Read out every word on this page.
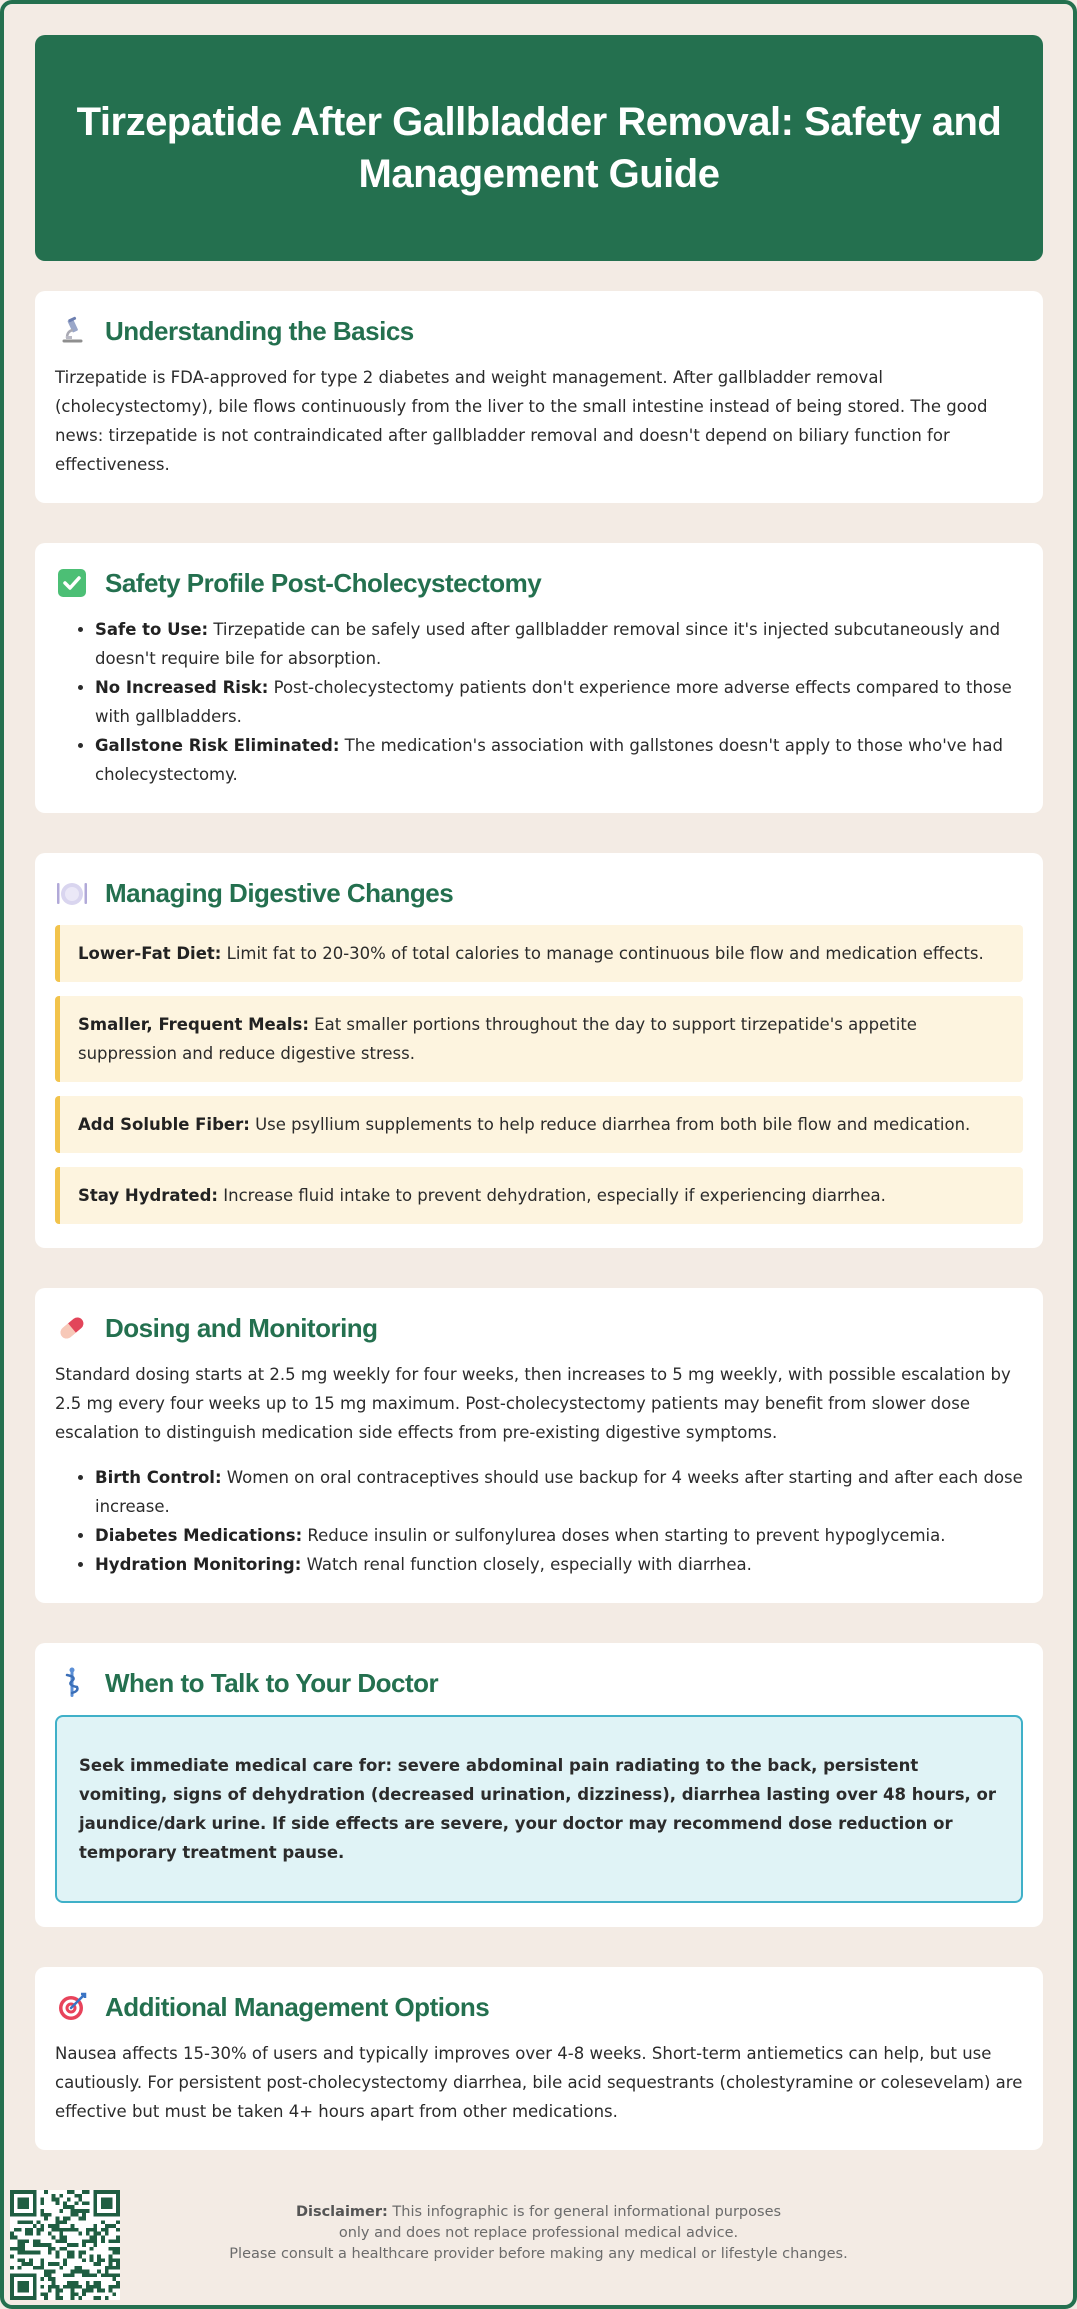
Tirzepatide After Gallbladder Removal: Safety and Management Guide
Understanding the Basics

Tirzepatide is FDA-approved for type 2 diabetes and weight management. After gallbladder removal (cholecystectomy), bile flows continuously from the liver to the small intestine instead of being stored. The good news: tirzepatide is not contraindicated after gallbladder removal and doesn't depend on biliary function for effectiveness.

Safety Profile Post-Cholecystectomy
• Safe to Use: Tirzepatide can be safely used after gallbladder removal since it's injected subcutaneously and doesn't require bile for absorption.
• No Increased Risk: Post-cholecystectomy patients don't experience more adverse effects compared to those with gallbladders.
• Gallstone Risk Eliminated: The medication's association with gallstones doesn't apply to those who've had cholecystectomy.
Managing Digestive Changes
Lower-Fat Diet: Limit fat to 20-30% of total calories to manage continuous bile flow and medication effects.
Smaller, Frequent Meals: Eat smaller portions throughout the day to support tirzepatide's appetite suppression and reduce digestive stress.
Add Soluble Fiber: Use psyllium supplements to help reduce diarrhea from both bile flow and medication.
Stay Hydrated: Increase fluid intake to prevent dehydration, especially if experiencing diarrhea.
Dosing and Monitoring

Standard dosing starts at 2.5 mg weekly for four weeks, then increases to 5 mg weekly, with possible escalation by 2.5 mg every four weeks up to 15 mg maximum. Post-cholecystectomy patients may benefit from slower dose escalation to distinguish medication side effects from pre-existing digestive symptoms.

• Birth Control: Women on oral contraceptives should use backup for 4 weeks after starting and after each dose increase.
• Diabetes Medications: Reduce insulin or sulfonylurea doses when starting to prevent hypoglycemia.
• Hydration Monitoring: Watch renal function closely, especially with diarrhea.
When to Talk to Your Doctor
Seek immediate medical care for: severe abdominal pain radiating to the back, persistent vomiting, signs of dehydration (decreased urination, dizziness), diarrhea lasting over 48 hours, or jaundice/dark urine. If side effects are severe, your doctor may recommend dose reduction or temporary treatment pause.
Additional Management Options

Nausea affects 15-30% of users and typically improves over 4-8 weeks. Short-term antiemetics can help, but use cautiously. For persistent post-cholecystectomy diarrhea, bile acid sequestrants (cholestyramine or colesevelam) are effective but must be taken 4+ hours apart from other medications.

Disclaimer: This infographic is for general informational purposes
only and does not replace professional medical advice.
Please consult a healthcare provider before making any medical or lifestyle changes.
